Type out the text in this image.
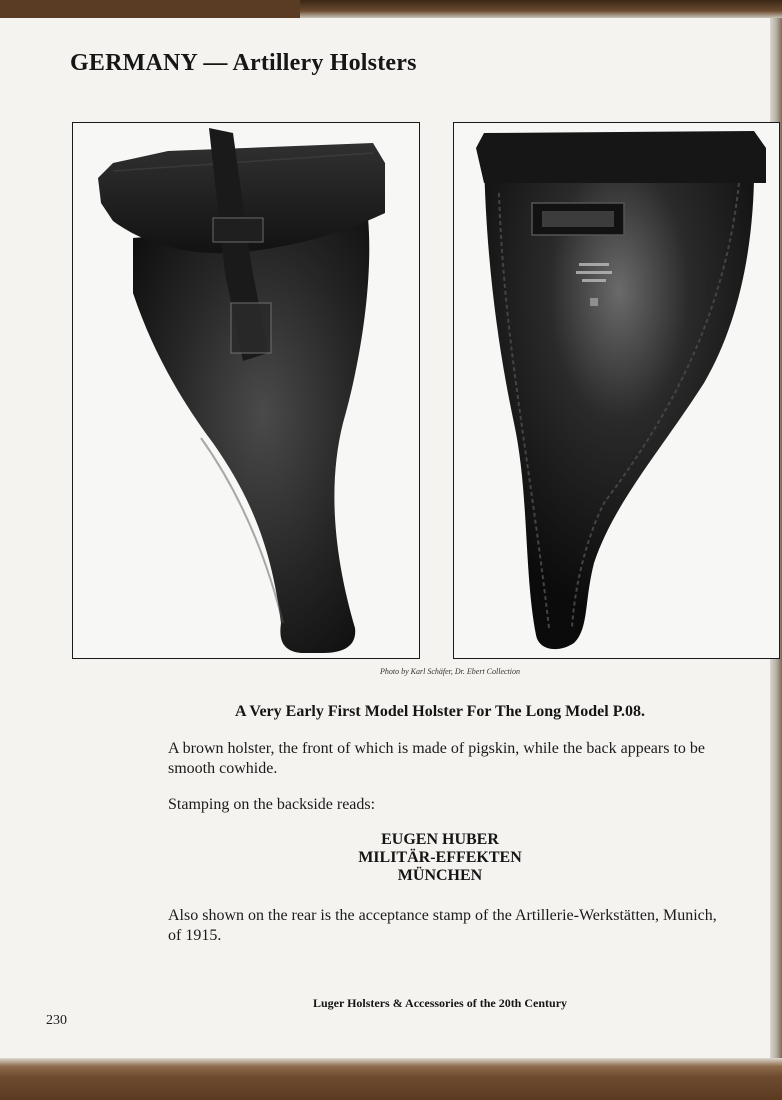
GERMANY — Artillery Holsters
Photo by Karl Schäfer, Dr. Ebert Collection
A Very Early First Model Holster For The Long Model P.08.
A brown holster, the front of which is made of pigskin, while the back appears to be smooth cowhide.
Stamping on the backside reads:
EUGEN HUBER
MILITÄR-EFFEKTEN
MÜNCHEN
Also shown on the rear is the acceptance stamp of the Artillerie-Werkstätten, Munich, of 1915.
Luger Holsters & Accessories of the 20th Century
230
